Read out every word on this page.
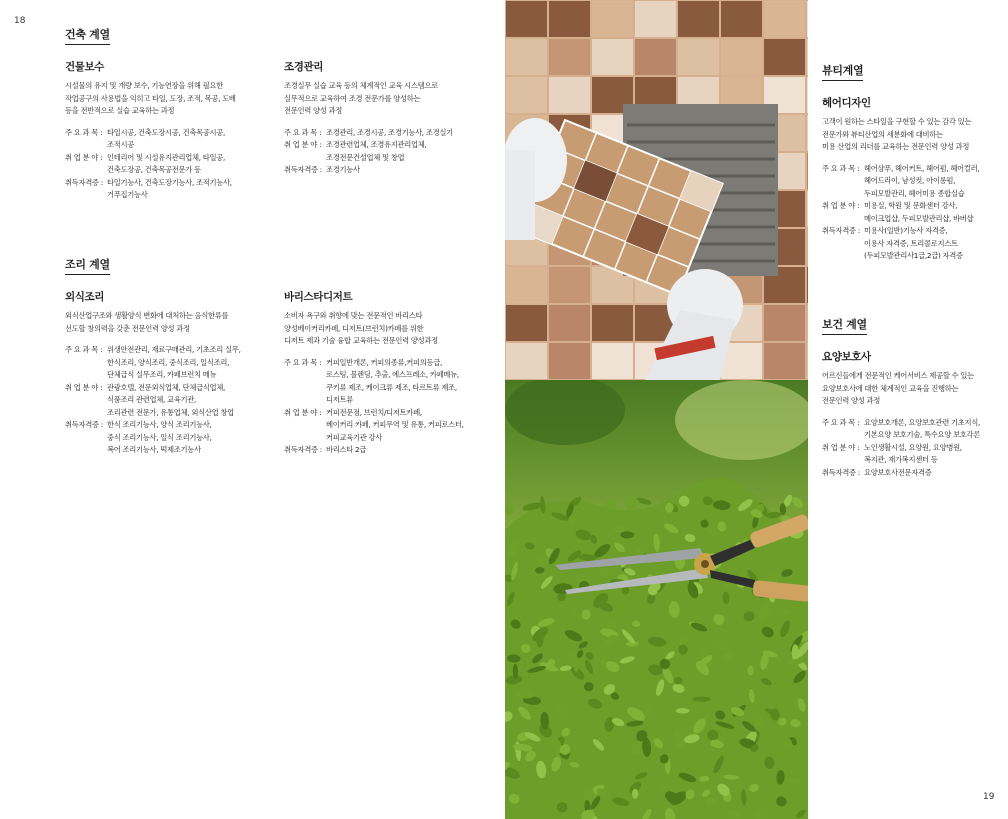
18
19
건축 계열
건물보수
시설물의 유지 및 개량 보수, 기능연장을 위해 필요한
작업공구의 사용법을 익히고 타일, 도장, 조적, 목공, 도배
등을 전반적으로 실습 교육하는 과정
주 요 과 목 : 타일시공, 건축도장시공, 건축목공시공,
조적시공
취 업 분 야 : 인테리어 및 시설유지관리업체, 타일공,
건축도장공, 건축목공전문가 등
취득자격증 : 타일기능사, 건축도장기능사, 조적기능사,
거푸집기능사
조경관리
조경실무 실습 교육 등의 체계적인 교육 시스템으로
실무적으로 교육하여 조경 전문가를 양성하는
전문인력 양성 과정
주 요 과 목 : 조경관리, 조경시공, 조경기능사, 조경실기
취 업 분 야 : 조경관련업체, 조경유지관리업체,
조경전문건설업체 및 창업
취득자격증 : 조경기능사
조리 계열
외식조리
외식산업구조와 생활양식 변화에 대처하는 음식한류를
선도할 창의력을 갖춘 전문인력 양성 과정
주 요 과 목 : 위생안전관리, 재료구매관리, 기초조리 실무,
한식조리, 양식조리, 중식조리, 일식조리,
단체급식 실무조리, 카페브런치 메뉴
취 업 분 야 : 관광호텔, 전문외식업체, 단체급식업체,
식품조리 관련업체, 교육기관,
조리관련 전문가, 유통업체, 외식산업 창업
취득자격증 : 한식 조리기능사, 양식 조리기능사,
중식 조리기능사, 일식 조리기능사,
복어 조리기능사, 떡제조기능사
바리스타디저트
소비자 욕구와 취향에 맞는 전문적인 바리스타
양성베이커리카페, 디저트(브런치)카페를 위한
디저트 제과 기술 융합 교육하는 전문인력 양성과정
주 요 과 목 : 커피일반개론, 커피의종류,커피의등급,
로스팅, 블렌딩, 추출, 에스프레소, 카페메뉴,
쿠키류 제조, 케이크류 제조, 타르트류 제조,
디저트류
취 업 분 야 : 커피전문점, 브런치/디저트카페,
베이커리 카페, 커피무역 및 유통, 커피로스터,
커피교육기관 강사
취득자격증 : 바리스타 2급
뷰티계열
헤어디자인
고객이 원하는 스타일을 구현할 수 있는 감각 있는
전문가와 뷰티산업의 세분화에 대비하는
미용 산업의 리더를 교육하는 전문인력 양성 과정
주 요 과 목 : 헤어샴푸, 헤어커트, 헤어펌, 헤어컬러,
헤어드라이, 남성컷, 아이롱펌,
두피모발관리, 헤어미용 종합실습
취 업 분 야 : 미용실, 학원 및 문화센터 강사,
메이크업샵, 두피모발관리샵, 바버샵
취득자격증 : 미용사(일반)기능사 자격증,
이용사 자격증, 트리콜로지스트
(두피모발관리사1급,2급) 자격증
보건 계열
요양보호사
어르신들에게 전문적인 케어서비스 제공할 수 있는
요양보호사에 대한 체계적인 교육을 진행하는
전문인력 양성 과정
주 요 과 목 : 요양보호개론, 요양보호관련 기초지식,
기본요양 보호기술, 특수요양 보호각론
취 업 분 야 : 노인생활시설, 요양원, 요양병원,
복지관, 재가복지센터 등
취득자격증 : 요양보호사전문자격증
